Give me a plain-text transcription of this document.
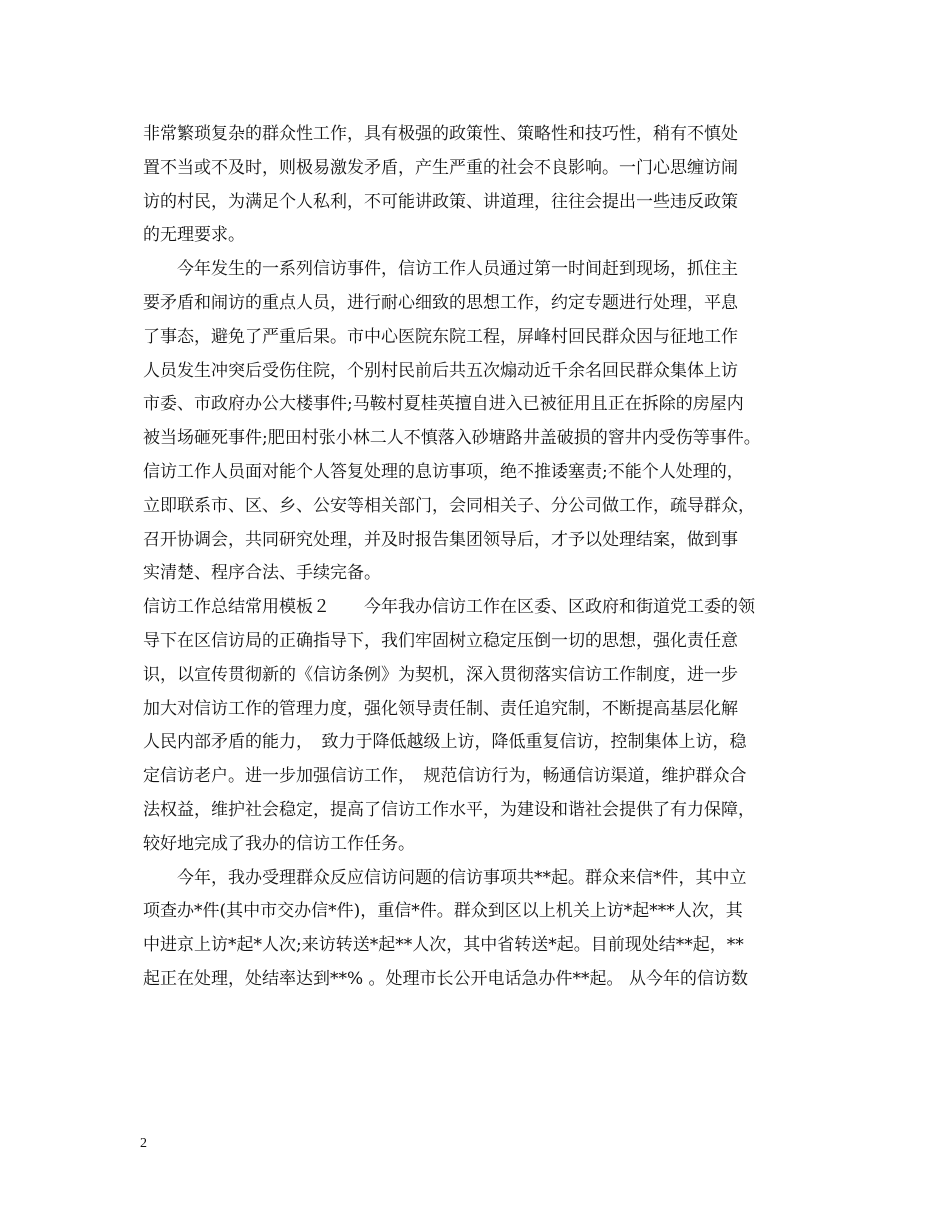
非常繁琐复杂的群众性工作，具有极强的政策性、策略性和技巧性，稍有不慎处
置不当或不及时，则极易激发矛盾，产生严重的社会不良影响。一门心思缠访闹
访的村民，为满足个人私利，不可能讲政策、讲道理，往往会提出一些违反政策
的无理要求。
　　今年发生的一系列信访事件，信访工作人员通过第一时间赶到现场，抓住主
要矛盾和闹访的重点人员，进行耐心细致的思想工作，约定专题进行处理，平息
了事态，避免了严重后果。市中心医院东院工程，屏峰村回民群众因与征地工作
人员发生冲突后受伤住院，个别村民前后共五次煽动近千余名回民群众集体上访
市委、市政府办公大楼事件;马鞍村夏桂英擅自进入已被征用且正在拆除的房屋内
被当场砸死事件;肥田村张小林二人不慎落入砂塘路井盖破损的窨井内受伤等事件。
信访工作人员面对能个人答复处理的息访事项，绝不推诿塞责;不能个人处理的，
立即联系市、区、乡、公安等相关部门，会同相关子、分公司做工作，疏导群众，
召开协调会，共同研究处理，并及时报告集团领导后，才予以处理结案，做到事
实清楚、程序合法、手续完备。
信访工作总结常用模板２　　今年我办信访工作在区委、区政府和街道党工委的领
导下在区信访局的正确指导下，我们牢固树立稳定压倒一切的思想，强化责任意
识，以宣传贯彻新的《信访条例》为契机，深入贯彻落实信访工作制度，进一步
加大对信访工作的管理力度，强化领导责任制、责任追究制，不断提高基层化解
人民内部矛盾的能力，　致力于降低越级上访，降低重复信访，控制集体上访，稳
定信访老户。进一步加强信访工作，　规范信访行为，畅通信访渠道，维护群众合
法权益，维护社会稳定，提高了信访工作水平，为建设和谐社会提供了有力保障，
较好地完成了我办的信访工作任务。
　　今年，我办受理群众反应信访问题的信访事项共**起。群众来信*件，其中立
项查办*件(其中市交办信*件)，重信*件。群众到区以上机关上访*起***人次，其
中进京上访*起*人次;来访转送*起**人次，其中省转送*起。目前现处结**起，**
起正在处理，处结率达到**% 。处理市长公开电话急办件**起。 从今年的信访数
2
